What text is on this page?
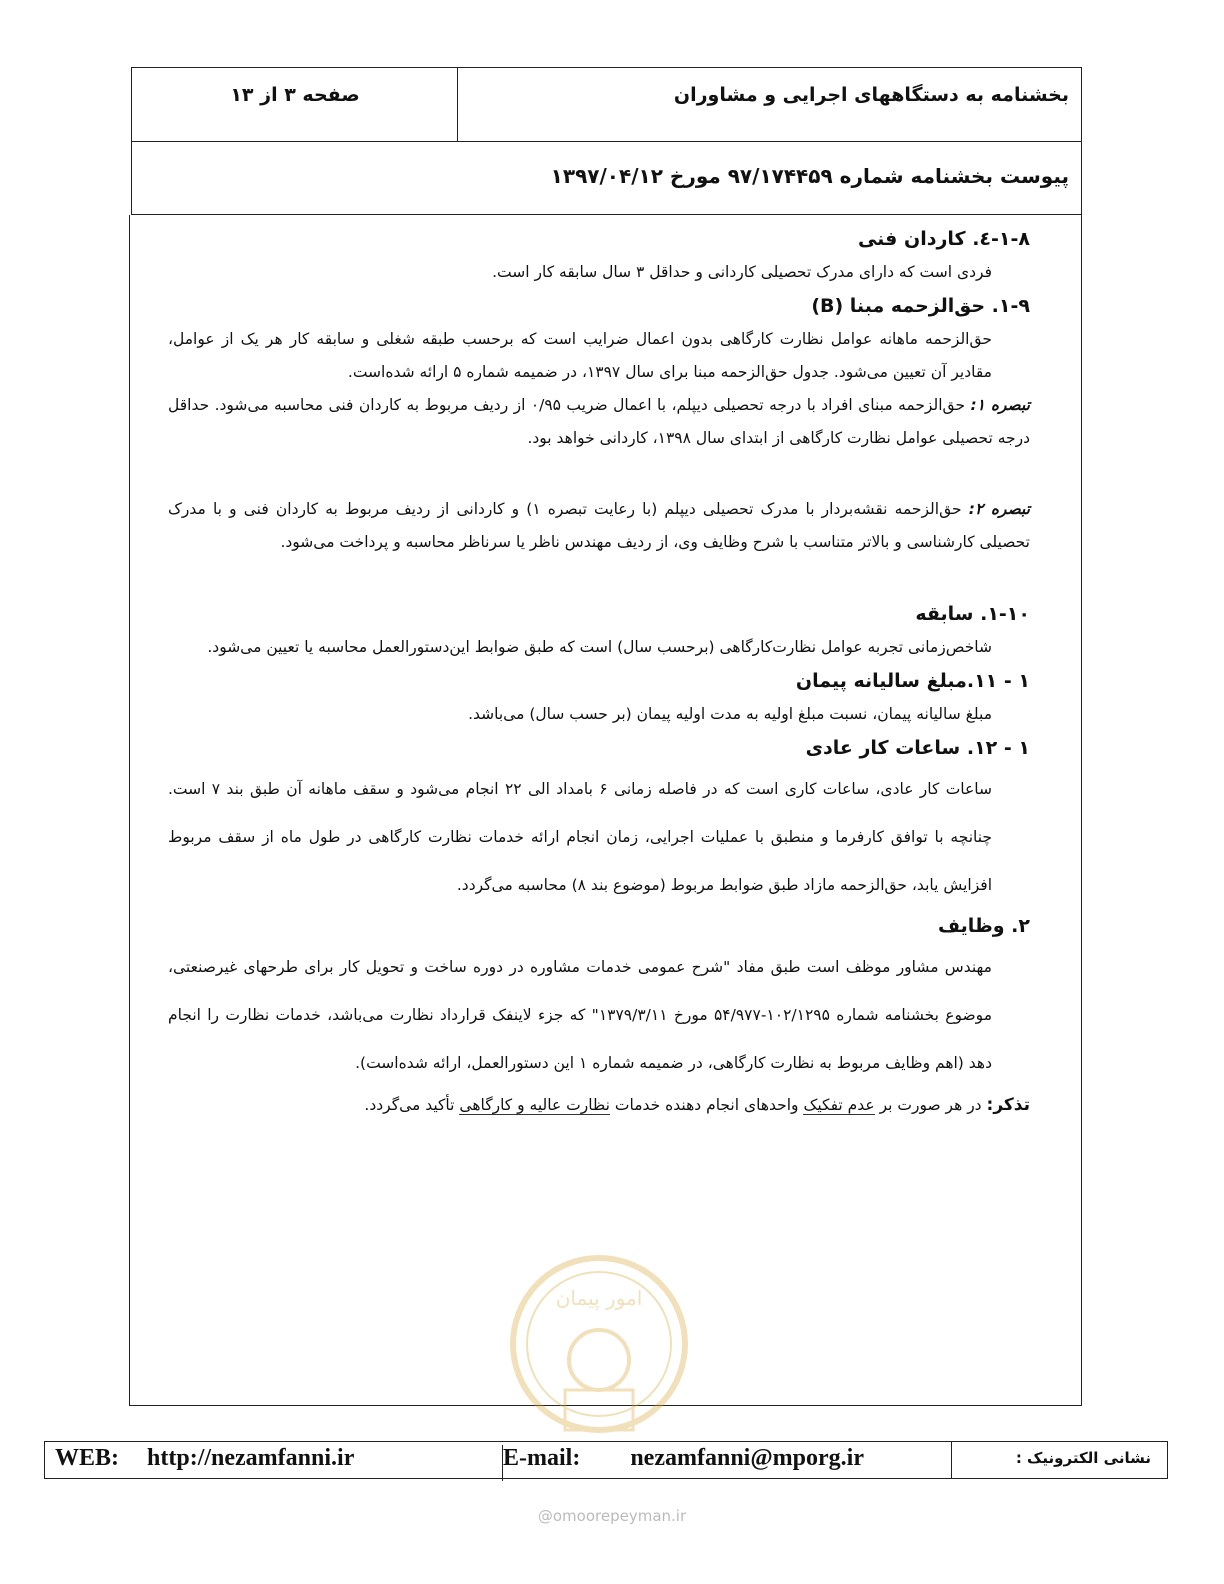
بخشنامه به دستگاههای اجرایی و مشاوران
صفحه ۳ از ۱۳
پیوست بخشنامه شماره ۹۷/۱۷۴۴۵۹ مورخ ۱۳۹۷/۰۴/۱۲

۱-۸-٤. کاردان فنی

فردی است که دارای مدرک تحصیلی کاردانی و حداقل ۳ سال سابقه کار است.

۱-۹. حق‌الزحمه مبنا (B)

حق‌الزحمه ماهانه عوامل نظارت کارگاهی بدون اعمال ضرایب است که برحسب طبقه شغلی و سابقه کار هر یک از عوامل، مقادیر آن تعیین می‌شود. جدول حق‌الزحمه مبنا برای سال ۱۳۹۷، در ضمیمه شماره ۵ ارائه شده‌است.

تبصره ۱: حق‌الزحمه مبنای افراد با درجه تحصیلی دیپلم، با اعمال ضریب ۰/۹۵ از ردیف مربوط به کاردان فنی محاسبه می‌شود. حداقل درجه تحصیلی عوامل نظارت کارگاهی از ابتدای سال ۱۳۹۸، کاردانی خواهد بود.

تبصره ۲: حق‌الزحمه نقشه‌بردار با مدرک تحصیلی دیپلم (با رعایت تبصره ۱) و کاردانی از ردیف مربوط به کاردان فنی و با مدرک تحصیلی کارشناسی و بالاتر متناسب با شرح وظایف وی، از ردیف مهندس ناظر یا سرناظر محاسبه و پرداخت می‌شود.

۱-۱۰. سابقه

شاخص‌زمانی تجربه عوامل نظارت‌کارگاهی (برحسب سال) است که طبق ضوابط این‌دستورالعمل محاسبه یا تعیین می‌شود.

۱ - ۱۱.مبلغ سالیانه پیمان

مبلغ سالیانه پیمان، نسبت مبلغ اولیه به مدت اولیه پیمان (بر حسب سال) می‌باشد.

۱ - ۱۲. ساعات کار عادی

ساعات کار عادی، ساعات کاری است که در فاصله زمانی ۶ بامداد الی ۲۲ انجام می‌شود و سقف ماهانه آن طبق بند ۷ است. چنانچه با توافق کارفرما و منطبق با عملیات اجرایی، زمان انجام ارائه خدمات نظارت کارگاهی در طول ماه از سقف مربوط افزایش یابد، حق‌الزحمه مازاد طبق ضوابط مربوط (موضوع بند ۸) محاسبه می‌گردد.

۲. وظایف

مهندس مشاور موظف است طبق مفاد "شرح عمومی خدمات مشاوره در دوره ساخت و تحویل کار برای طرحهای غیرصنعتی، موضوع بخشنامه شماره ۱۰۲/۱۲۹۵-۵۴/۹۷۷ مورخ ۱۳۷۹/۳/۱۱" که جزء لاینفک قرارداد نظارت می‌باشد، خدمات نظارت را انجام دهد (اهم وظایف مربوط به نظارت کارگاهی، در ضمیمه شماره ۱ این دستورالعمل، ارائه شده‌است).

تذکر: در هر صورت بر عدم تفکیک واحدهای انجام دهنده خدمات نظارت عالیه و کارگاهی تأکید می‌گردد.

امور پیمان
نشانی الکترونیک :
E-mail: nezamfanni@mporg.ir
WEB: http://nezamfanni.ir
@omoorepeyman.ir
